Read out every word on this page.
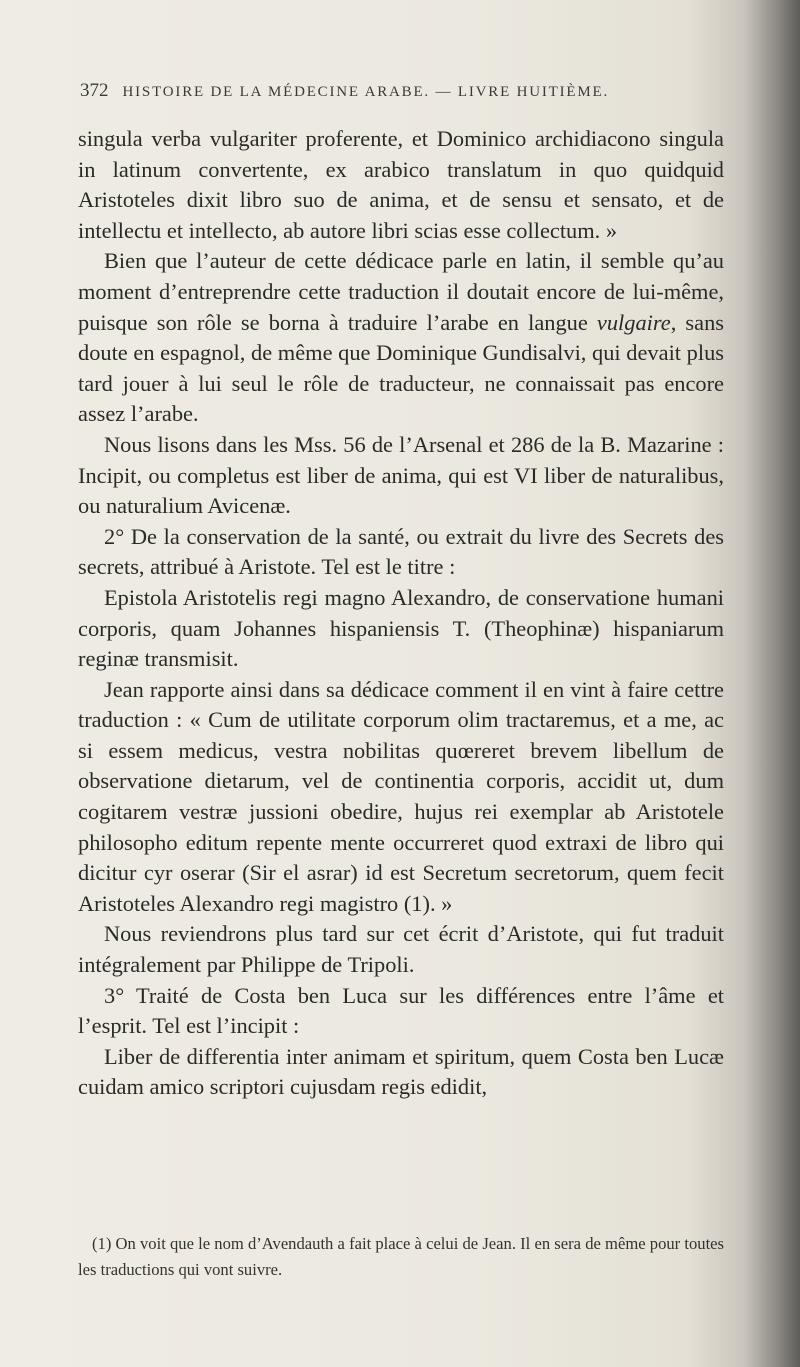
372 HISTOIRE DE LA MÉDECINE ARABE. — LIVRE HUITIÈME.

singula verba vulgariter proferente, et Dominico archidiacono singula in latinum convertente, ex arabico translatum in quo quidquid Aristoteles dixit libro suo de anima, et de sensu et sensato, et de intellectu et intellecto, ab autore libri scias esse collectum. »

Bien que l’auteur de cette dédicace parle en latin, il semble qu’au moment d’entreprendre cette traduction il doutait encore de lui-même, puisque son rôle se borna à traduire l’arabe en langue vulgaire, sans doute en espagnol, de même que Dominique Gundisalvi, qui devait plus tard jouer à lui seul le rôle de traducteur, ne connaissait pas encore assez l’arabe.

Nous lisons dans les Mss. 56 de l’Arsenal et 286 de la B. Mazarine : Incipit, ou completus est liber de anima, qui est VI liber de naturalibus, ou naturalium Avicenæ.

2° De la conservation de la santé, ou extrait du livre des Secrets des secrets, attribué à Aristote. Tel est le titre :

Epistola Aristotelis regi magno Alexandro, de conservatione humani corporis, quam Johannes hispaniensis T. (Theophinæ) hispaniarum reginæ transmisit.

Jean rapporte ainsi dans sa dédicace comment il en vint à faire cettre traduction : « Cum de utilitate corporum olim tractaremus, et a me, ac si essem medicus, vestra nobilitas quœreret brevem libellum de observatione dietarum, vel de continentia corporis, accidit ut, dum cogitarem vestræ jussioni obedire, hujus rei exemplar ab Aristotele philosopho editum repente mente occurreret quod extraxi de libro qui dicitur cyr oserar (Sir el asrar) id est Secretum secretorum, quem fecit Aristoteles Alexandro regi magistro (1). »

Nous reviendrons plus tard sur cet écrit d’Aristote, qui fut traduit intégralement par Philippe de Tripoli.

3° Traité de Costa ben Luca sur les différences entre l’âme et l’esprit. Tel est l’incipit :

Liber de differentia inter animam et spiritum, quem Costa ben Lucæ cuidam amico scriptori cujusdam regis edidit,

(1) On voit que le nom d’Avendauth a fait place à celui de Jean. Il en sera de même pour toutes les traductions qui vont suivre.
